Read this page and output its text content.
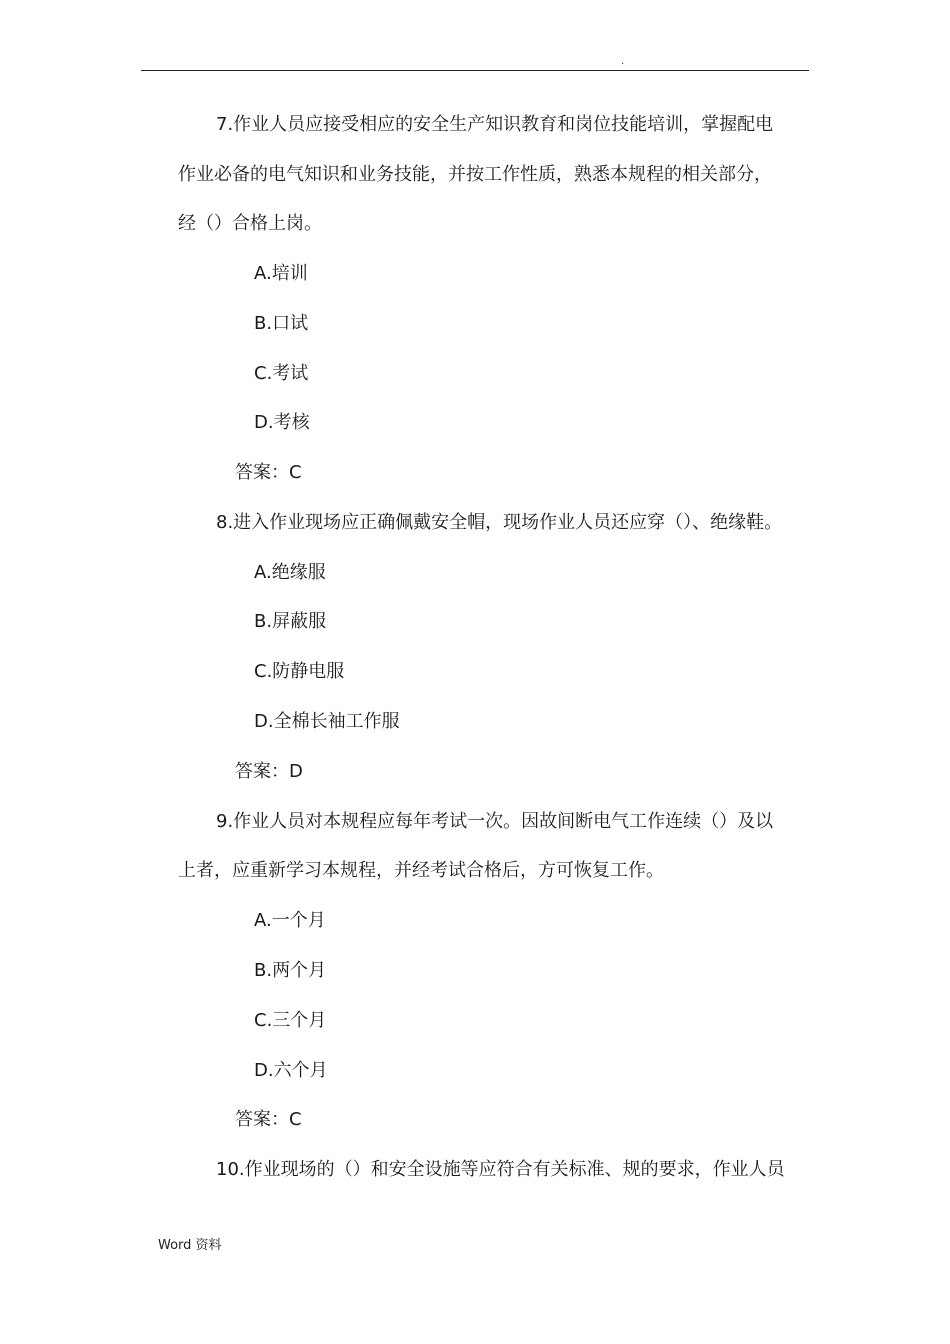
.
7.作业人员应接受相应的安全生产知识教育和岗位技能培训，掌握配电
作业必备的电气知识和业务技能，并按工作性质，熟悉本规程的相关部分，
经（）合格上岗。
A.培训
B.口试
C.考试
D.考核
答案：C
8.进入作业现场应正确佩戴安全帽，现场作业人员还应穿（）、绝缘鞋。
A.绝缘服
B.屏蔽服
C.防静电服
D.全棉长袖工作服
答案：D
9.作业人员对本规程应每年考试一次。因故间断电气工作连续（）及以
上者，应重新学习本规程，并经考试合格后，方可恢复工作。
A.一个月
B.两个月
C.三个月
D.六个月
答案：C
10.作业现场的（）和安全设施等应符合有关标准、规的要求，作业人员
Word 资料
